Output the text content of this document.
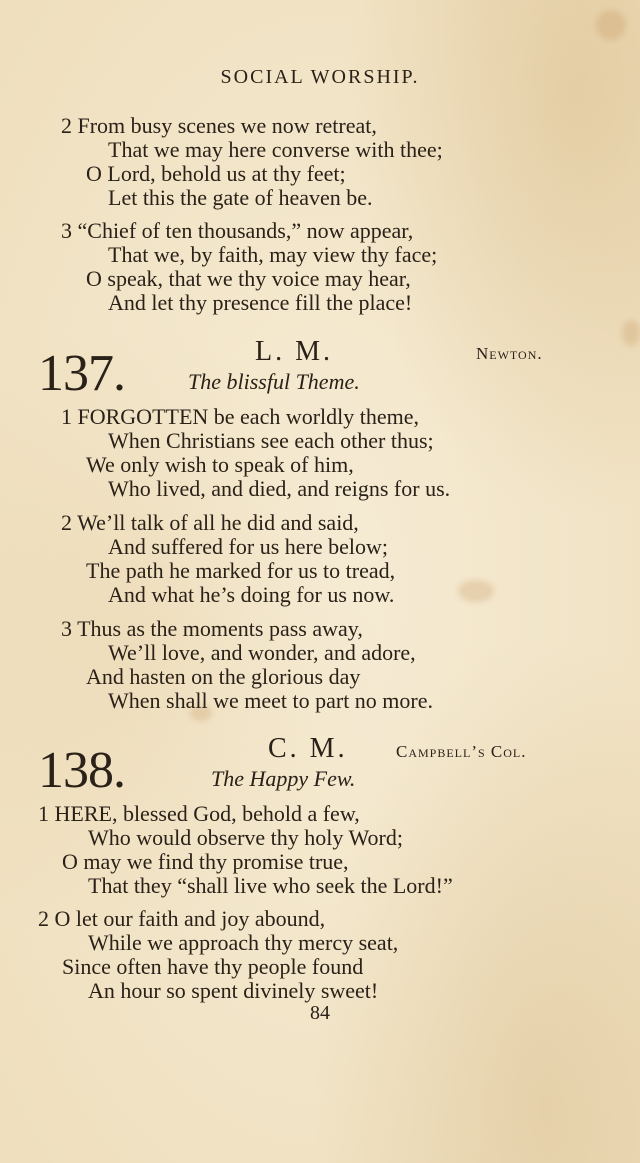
SOCIAL WORSHIP.
2 From busy scenes we now retreat,
That we may here converse with thee;
O Lord, behold us at thy feet;
Let this the gate of heaven be.
3 “Chief of ten thousands,” now appear,
That we, by faith, may view thy face;
O speak, that we thy voice may hear,
And let thy presence fill the place!
137.	L. M.	Newton.
The blissful Theme.
1 FORGOTTEN be each worldly theme,
When Christians see each other thus;
We only wish to speak of him,
Who lived, and died, and reigns for us.
2 We’ll talk of all he did and said,
And suffered for us here below;
The path he marked for us to tread,
And what he’s doing for us now.
3 Thus as the moments pass away,
We’ll love, and wonder, and adore,
And hasten on the glorious day
When shall we meet to part no more.
138.	C. M.	Campbell’s Col.
The Happy Few.
1 HERE, blessed God, behold a few,
Who would observe thy holy Word;
O may we find thy promise true,
That they “shall live who seek the Lord!”
2 O let our faith and joy abound,
While we approach thy mercy seat,
Since often have thy people found
An hour so spent divinely sweet!
84
